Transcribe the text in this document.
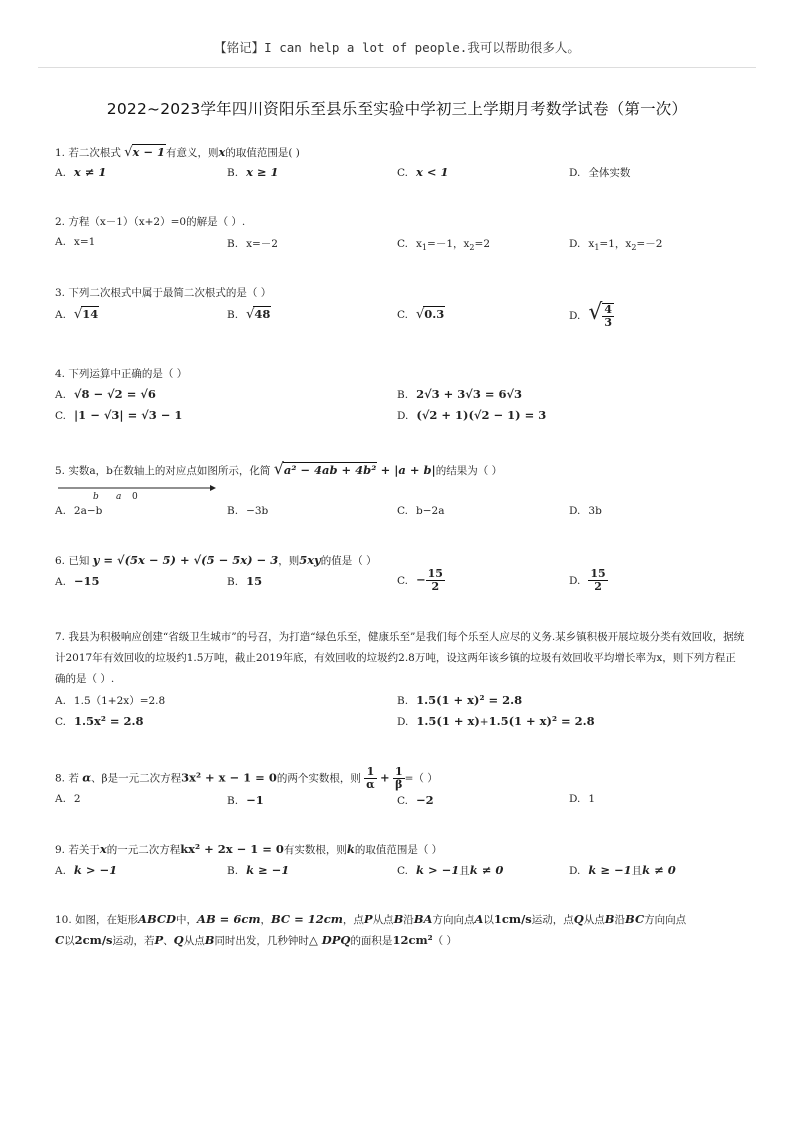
【铭记】I can help a lot of people.我可以帮助很多人。
2022~2023学年四川资阳乐至县乐至实验中学初三上学期月考数学试卷（第一次）
1. 若二次根式 √x − 1有意义，则x的取值范围是( )
A. x ≠ 1	B. x ≥ 1	C. x < 1	D. 全体实数
2. 方程（x－1）（x+2）=0的解是（ ）.
A. x=1	B. x=－2	C. $x_1=-1$，$x_2=2$	D. $x_1=1$，$x_2=-2$
3. 下列二次根式中属于最简二次根式的是（ ）
A. √14	B. √48	C. √0.3	D. √ $\frac{4}{3}$
4. 下列运算中正确的是（ ）
A. √8 − √2 = √6	B. 2√3 + 3√3 = 6√3
C. |1 − √3| = √3 − 1	D. (√2 + 1)(√2 − 1) = 3
5. 实数a，b在数轴上的对应点如图所示，化简 √a² − 4ab + 4b² + |a + b|的结果为（ ）
b a 0
A. 2a−b	B. −3b	C. b−2a	D. 3b
6. 已知 y = √(5x − 5) + √(5 − 5x) − 3，则5xy的值是（ ）
A. −15	B. 15	C. − $\frac{15}{2}$	D. $\frac{15}{2}$
7. 我县为积极响应创建“省级卫生城市”的号召，为打造“绿色乐至，健康乐至”是我们每个乐至人应尽的义务.某乡镇积极开展垃圾分类有效回收，据统计2017年有效回收的垃圾约1.5万吨，截止2019年底，有效回收的垃圾约2.8万吨，设这两年该乡镇的垃圾有效回收平均增长率为x，则下列方程正确的是（ ）.
A. 1.5（1+2x）=2.8	B. 1.5(1 + x)² = 2.8
C. 1.5x² = 2.8	D. 1.5(1 + x)+1.5(1 + x)² = 2.8
8. 若 α、β是一元二次方程3x² + x − 1 = 0的两个实数根，则 $\frac{1}{\alpha} + \frac{1}{\beta}$ =（ ）
A. 2	B. −1	C. −2	D. 1
9. 若关于x的一元二次方程kx² + 2x − 1 = 0有实数根，则k的取值范围是（ ）
A. k > −1	B. k ≥ −1	C. k > −1且k ≠ 0	D. k ≥ −1且k ≠ 0
10. 如图，在矩形ABCD中，AB = 6cm，BC = 12cm，点P从点B沿BA方向向点A以1cm/s运动，点Q从点B沿BC方向向点
C以2cm/s运动，若P、Q从点B同时出发，几秒钟时△ DPQ的面积是12cm²（ ）
